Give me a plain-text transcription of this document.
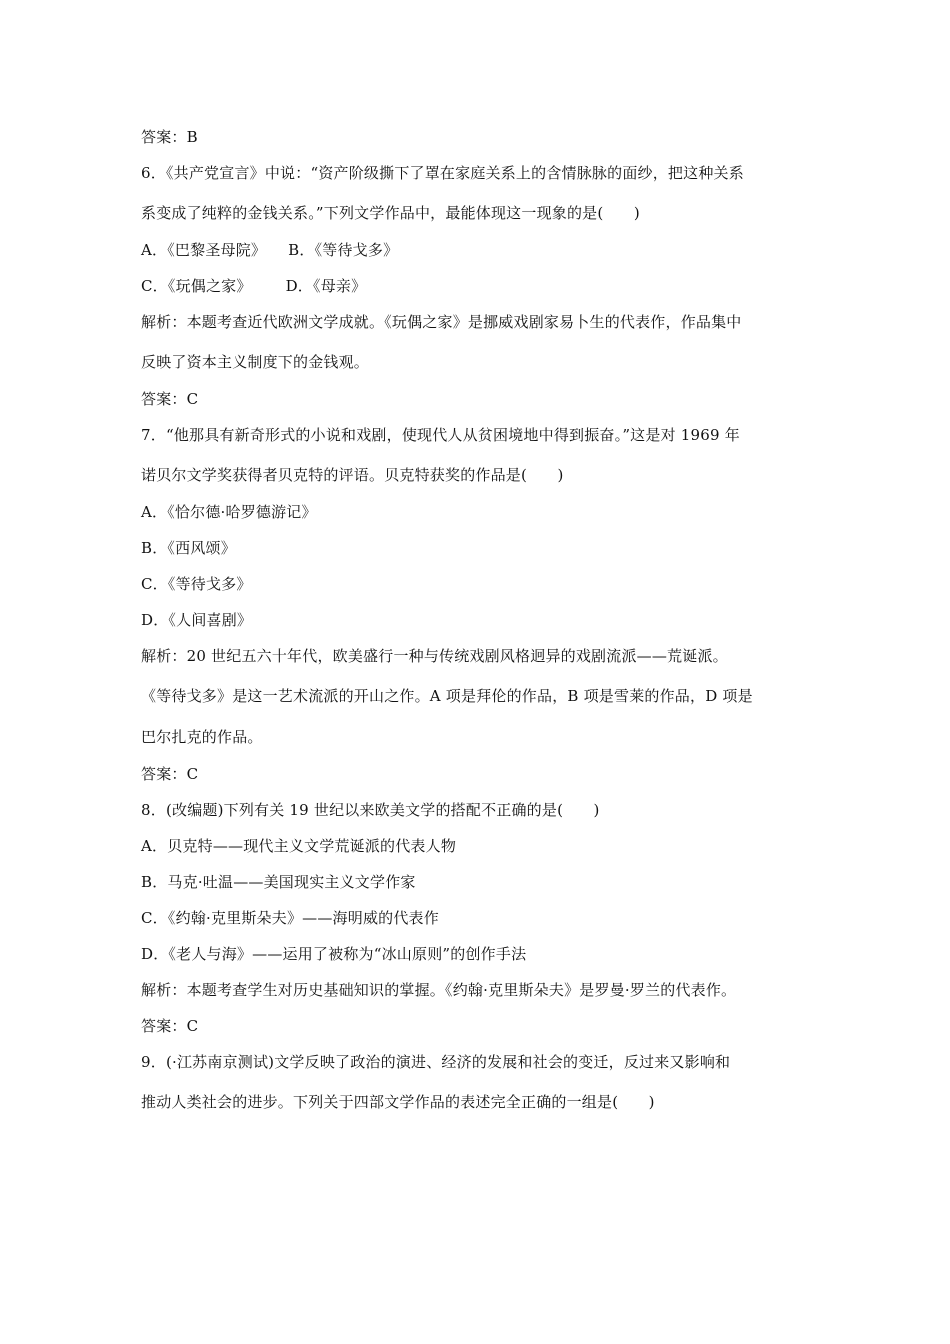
答案：B
6．《共产党宣言》中说：“资产阶级撕下了罩在家庭关系上的含情脉脉的面纱，把这种关系
系变成了纯粹的金钱关系。”下列文学作品中，最能体现这一现象的是(　　)
A．《巴黎圣母院》 B．《等待戈多》
C．《玩偶之家》 D．《母亲》
解析：本题考查近代欧洲文学成就。《玩偶之家》是挪威戏剧家易卜生的代表作，作品集中
反映了资本主义制度下的金钱观。
答案：C
7．“他那具有新奇形式的小说和戏剧，使现代人从贫困境地中得到振奋。”这是对 1969 年
诺贝尔文学奖获得者贝克特的评语。贝克特获奖的作品是(　　)
A．《恰尔德·哈罗德游记》
B．《西风颂》
C．《等待戈多》
D．《人间喜剧》
解析：20 世纪五六十年代，欧美盛行一种与传统戏剧风格迥异的戏剧流派——荒诞派。
《等待戈多》是这一艺术流派的开山之作。A 项是拜伦的作品，B 项是雪莱的作品，D 项是
巴尔扎克的作品。
答案：C
8．(改编题)下列有关 19 世纪以来欧美文学的搭配不正确的是(　　)
A．贝克特——现代主义文学荒诞派的代表人物
B．马克·吐温——美国现实主义文学作家
C．《约翰·克里斯朵夫》——海明威的代表作
D．《老人与海》——运用了被称为“冰山原则”的创作手法
解析：本题考查学生对历史基础知识的掌握。《约翰·克里斯朵夫》是罗曼·罗兰的代表作。
答案：C
9．(·江苏南京测试)文学反映了政治的演进、经济的发展和社会的变迁，反过来又影响和
推动人类社会的进步。下列关于四部文学作品的表述完全正确的一组是(　　)
